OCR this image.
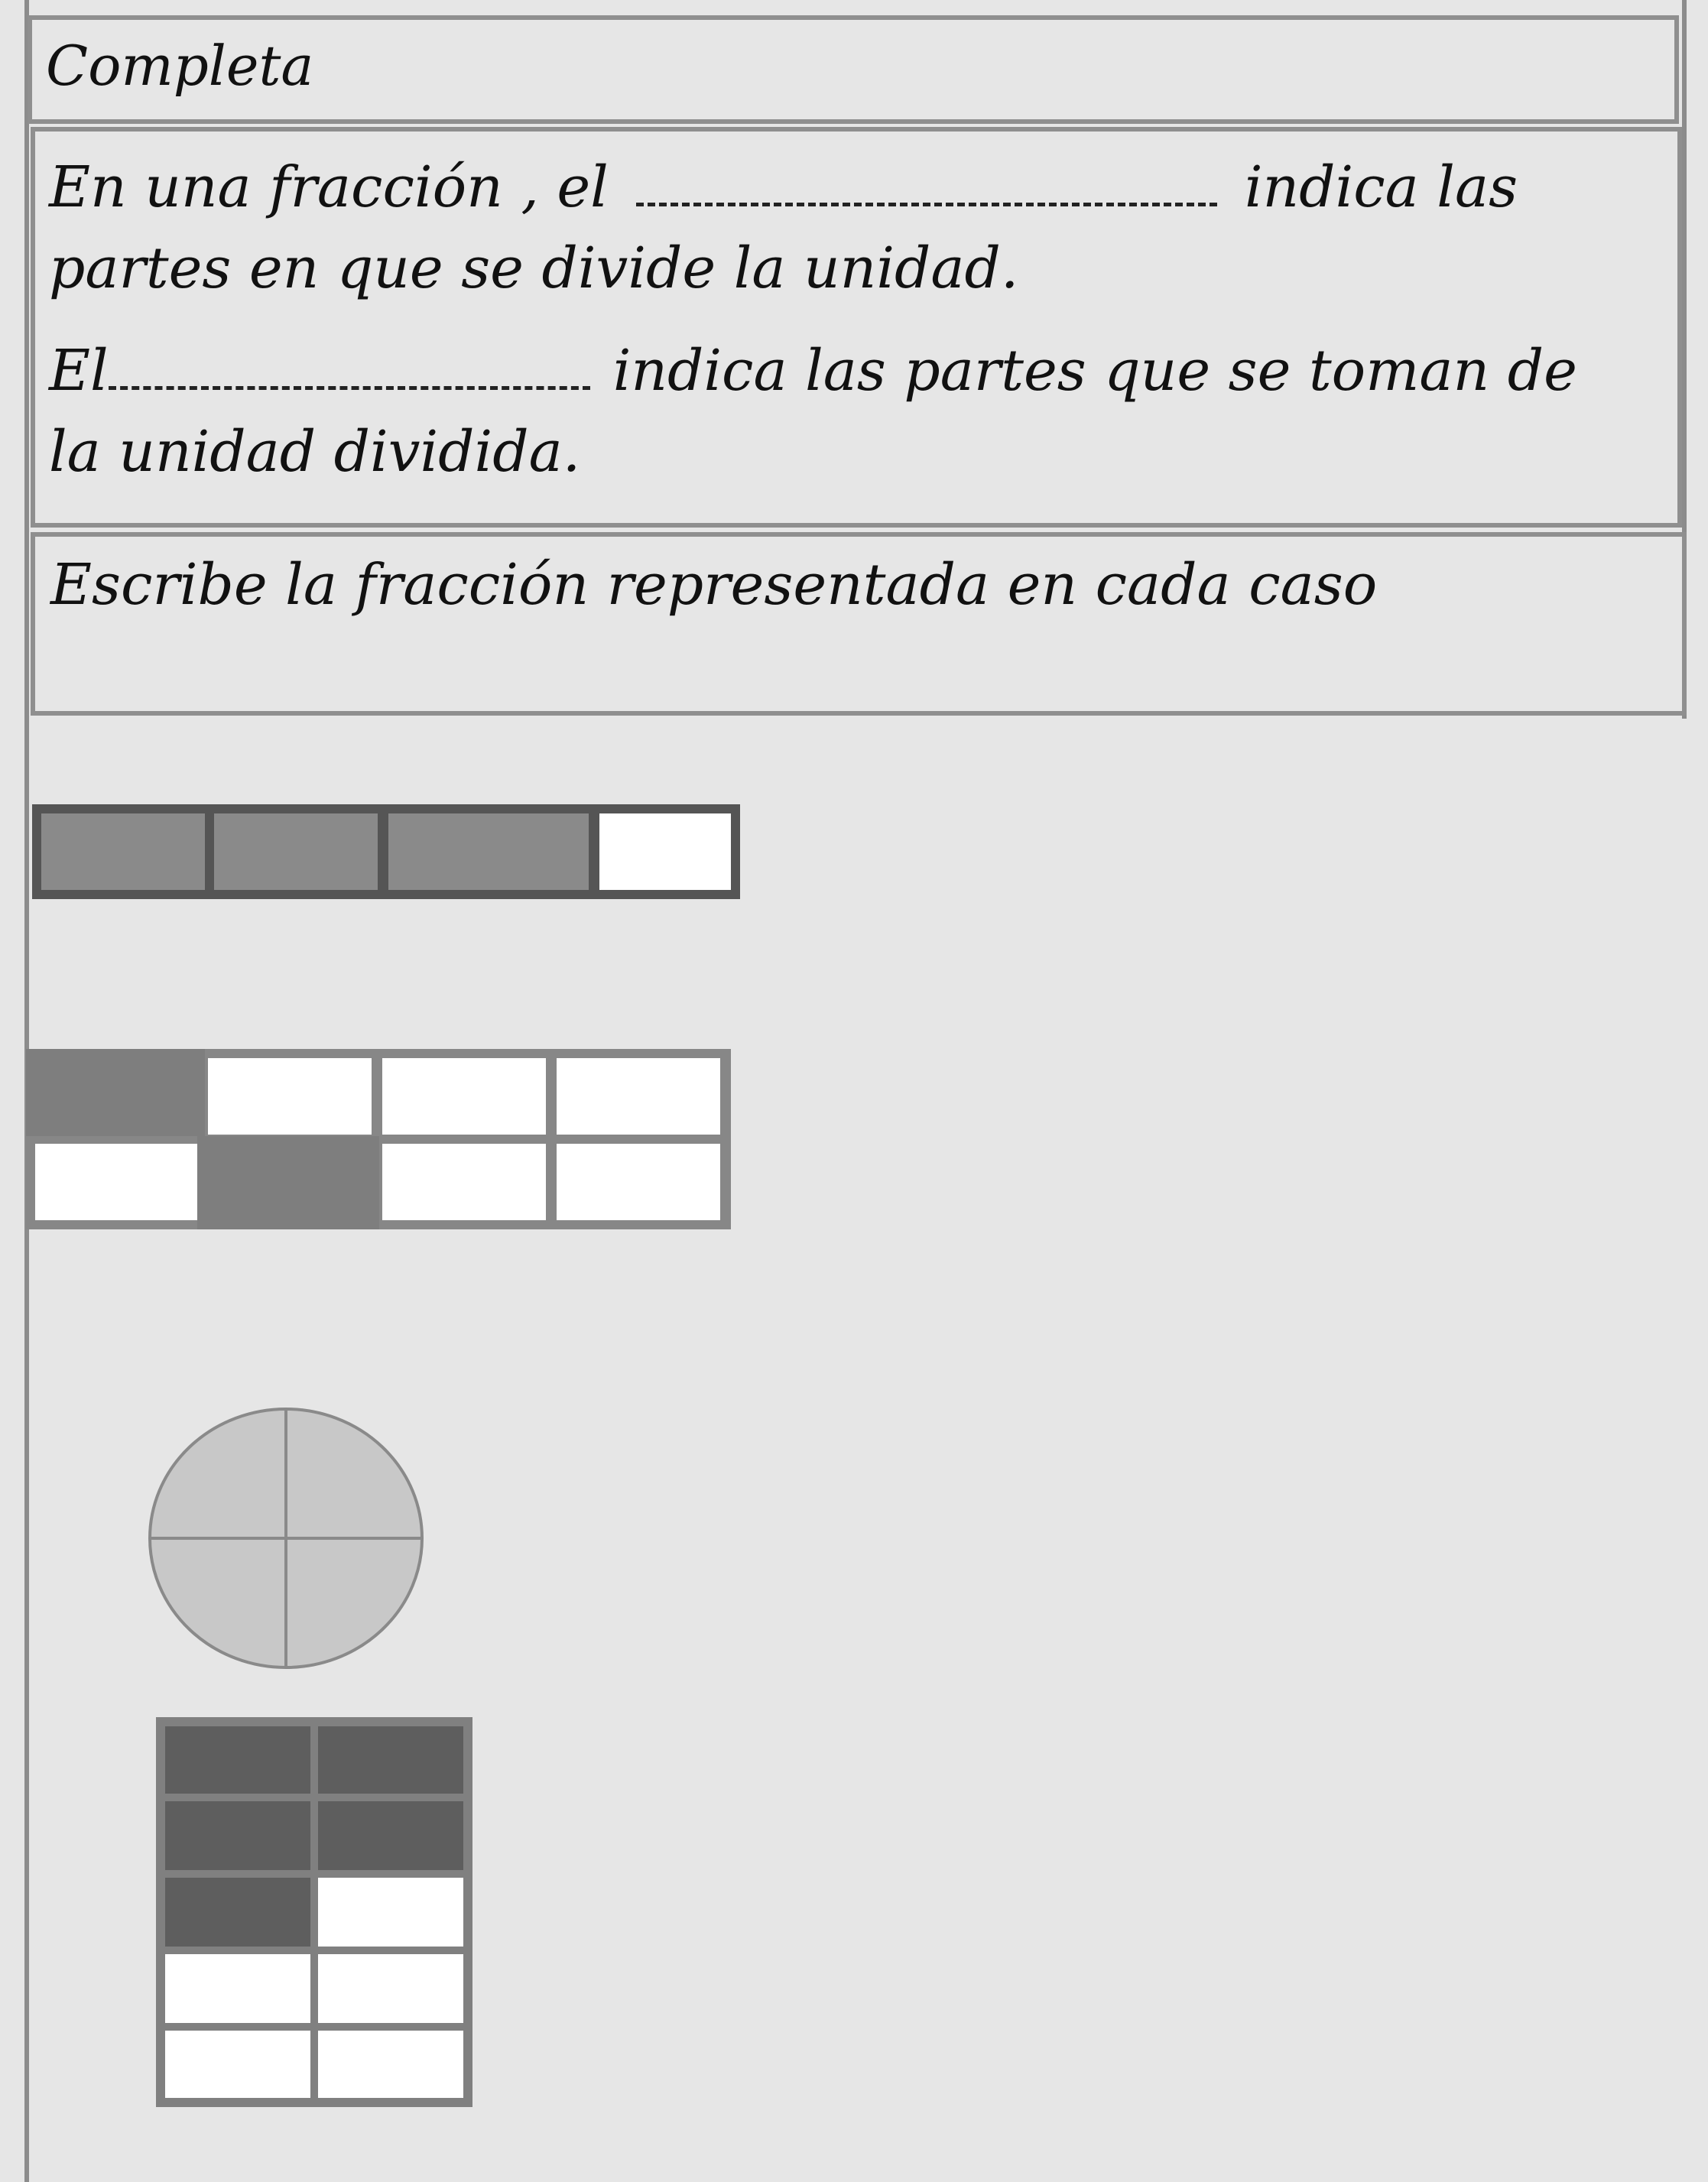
Completa
En una fracción , el	indica las
partes en que se divide la unidad.
El	indica las partes que se toman de
la unidad dividida.
Escribe la fracción representada en cada caso
